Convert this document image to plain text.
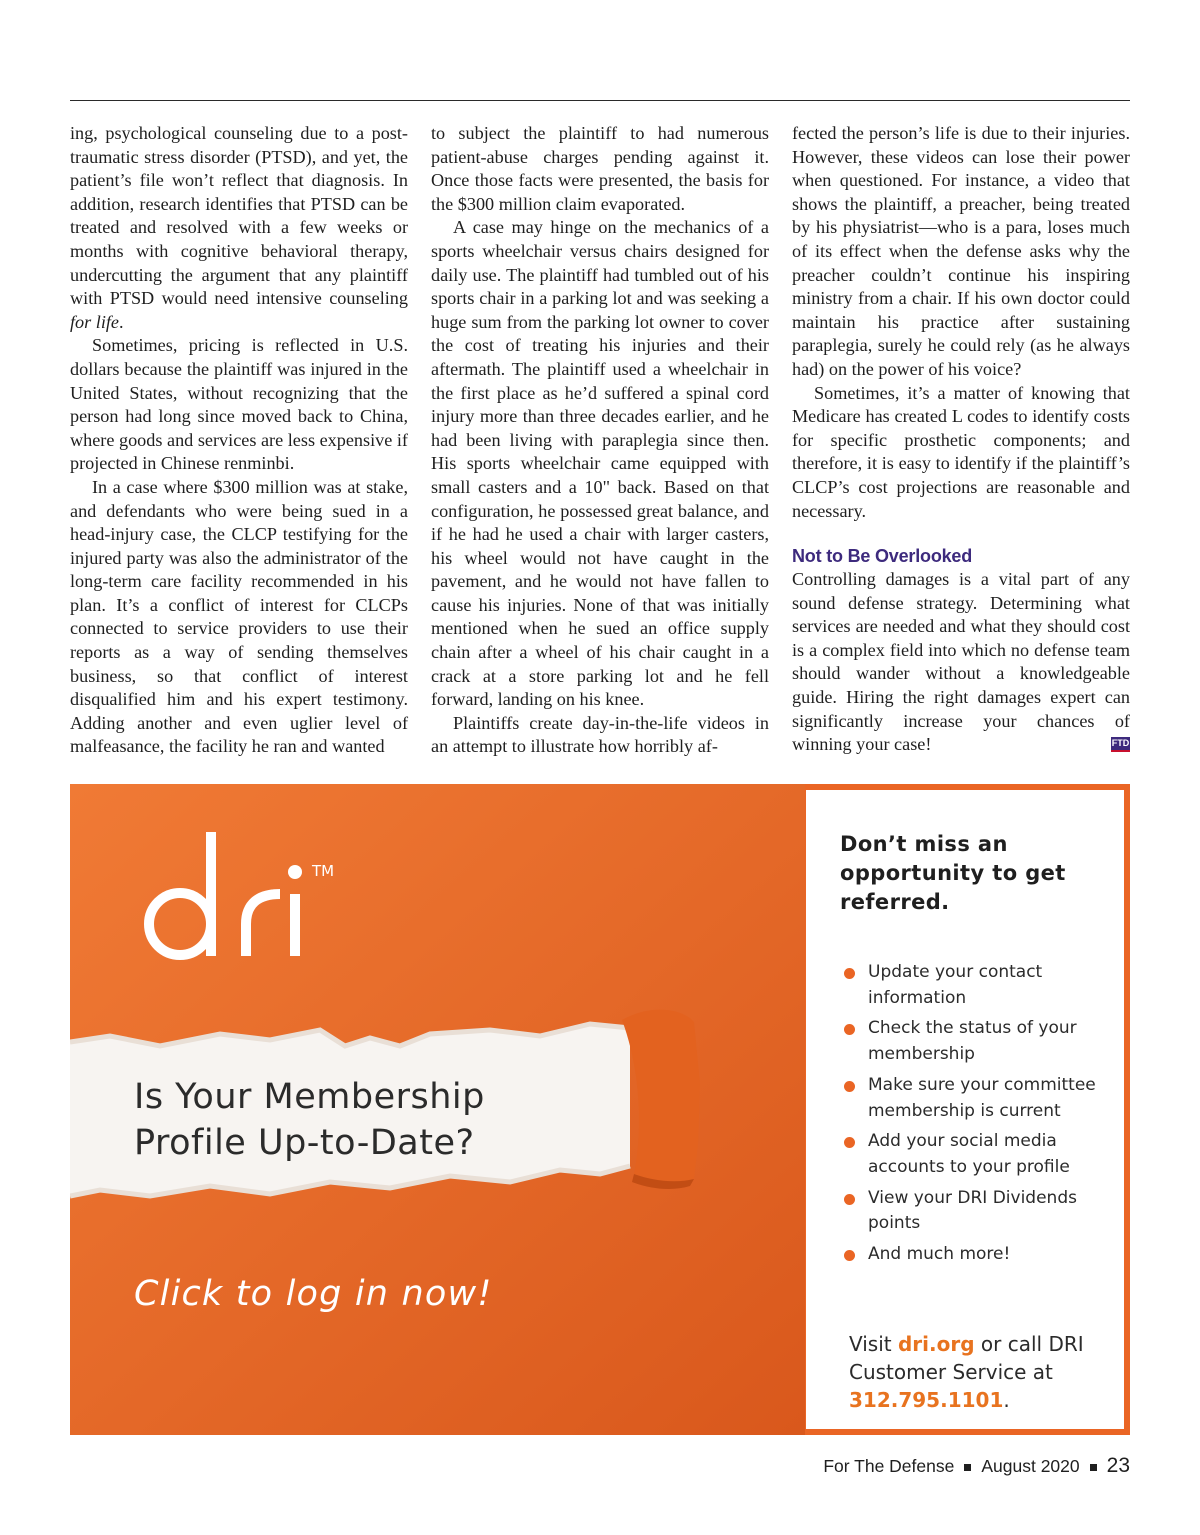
ing, psychological counseling due to a post-traumatic stress disorder (PTSD), and yet, the patient’s file won’t reflect that diagnosis. In addition, research identifies that PTSD can be treated and resolved with a few weeks or months with cognitive behavioral therapy, undercutting the argument that any plaintiff with PTSD would need intensive counseling for life.

Sometimes, pricing is reflected in U.S. dollars because the plaintiff was injured in the United States, without recognizing that the person had long since moved back to China, where goods and services are less expensive if projected in Chinese renminbi.

In a case where $300 million was at stake, and defendants who were being sued in a head-injury case, the CLCP testifying for the injured party was also the administrator of the long-term care facility recommended in his plan. It’s a conflict of interest for CLCPs connected to service providers to use their reports as a way of sending themselves business, so that conflict of interest disqualified him and his expert testimony. Adding another and even uglier level of malfeasance, the facility he ran and wanted

to subject the plaintiff to had numerous patient-abuse charges pending against it. Once those facts were presented, the basis for the $300 million claim evaporated.

A case may hinge on the mechanics of a sports wheelchair versus chairs designed for daily use. The plaintiff had tumbled out of his sports chair in a parking lot and was seeking a huge sum from the parking lot owner to cover the cost of treating his injuries and their aftermath. The plaintiff used a wheelchair in the first place as he’d suffered a spinal cord injury more than three decades earlier, and he had been living with paraplegia since then. His sports wheelchair came equipped with small casters and a 10" back. Based on that configuration, he possessed great balance, and if he had he used a chair with larger casters, his wheel would not have caught in the pavement, and he would not have fallen to cause his injuries. None of that was initially mentioned when he sued an office supply chain after a wheel of his chair caught in a crack at a store parking lot and he fell forward, landing on his knee.

Plaintiffs create day-in-the-life videos in an attempt to illustrate how horribly af-

fected the person’s life is due to their injuries. However, these videos can lose their power when questioned. For instance, a video that shows the plaintiff, a preacher, being treated by his physiatrist—who is a para, loses much of its effect when the defense asks why the preacher couldn’t continue his inspiring ministry from a chair. If his own doctor could maintain his practice after sustaining paraplegia, surely he could rely (as he always had) on the power of his voice?

Sometimes, it’s a matter of knowing that Medicare has created L codes to identify costs for specific prosthetic components; and therefore, it is easy to identify if the plaintiff’s CLCP’s cost projections are reasonable and necessary.

Not to Be Overlooked

Controlling damages is a vital part of any sound defense strategy. Determining what services are needed and what they should cost is a complex field into which no defense team should wander without a knowledgeable guide. Hiring the right damages expert can significantly increase your chances of winning your case!	FTD

TM
Is Your Membership
Profile Up-to-Date?
Click to log in now!
Don’t miss an opportunity to get referred.
Update your contact information
Check the status of your membership
Make sure your committee membership is current
Add your social media accounts to your profile
View your DRI Dividends points
And much more!
Visit dri.org or call DRI Customer Service at 312.795.1101.
For The Defense August 2020 23
